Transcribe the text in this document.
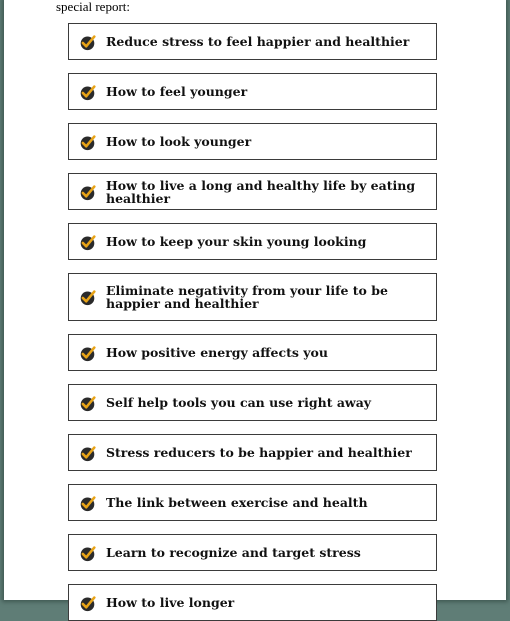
special report:
Reduce stress to feel happier and healthier
How to feel younger
How to look younger
How to live a long and healthy life by eating healthier
How to keep your skin young looking
Eliminate negativity from your life to be happier and healthier
How positive energy affects you
Self help tools you can use right away
Stress reducers to be happier and healthier
The link between exercise and health
Learn to recognize and target stress
How to live longer
